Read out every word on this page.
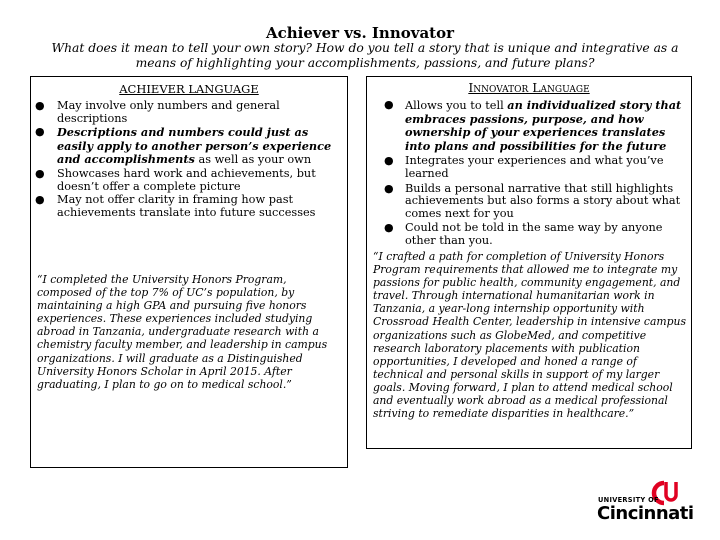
Achiever vs. Innovator
What does it mean to tell your own story? How do you tell a story that is unique and integrative as a means of highlighting your accomplishments, passions, and future plans?
ACHIEVER LANGUAGE
● May involve only numbers and general descriptions
● Descriptions and numbers could just as easily apply to another person’s experience and accomplishments as well as your own
● Showcases hard work and achievements, but doesn’t offer a complete picture
● May not offer clarity in framing how past achievements translate into future successes
“I completed the University Honors Program, composed of the top 7% of UC’s population, by maintaining a high GPA and pursuing five honors experiences. These experiences included studying abroad in Tanzania, undergraduate research with a chemistry faculty member, and leadership in campus organizations. I will graduate as a Distinguished University Honors Scholar in April 2015. After graduating, I plan to go on to medical school.”
Innovator Language
● Allows you to tell an individualized story that embraces passions, purpose, and how ownership of your experiences translates into plans and possibilities for the future
● Integrates your experiences and what you’ve learned
● Builds a personal narrative that still highlights achievements but also forms a story about what comes next for you
● Could not be told in the same way by anyone other than you.
“I crafted a path for completion of University Honors Program requirements that allowed me to integrate my passions for public health, community engagement, and travel. Through international humanitarian work in Tanzania, a year-long internship opportunity with Crossroad Health Center, leadership in intensive campus organizations such as GlobeMed, and competitive research laboratory placements with publication opportunities, I developed and honed a range of technical and personal skills in support of my larger goals. Moving forward, I plan to attend medical school and eventually work abroad as a medical professional striving to remediate disparities in healthcare.”
UNIVERSITY OF
Cincinnati
